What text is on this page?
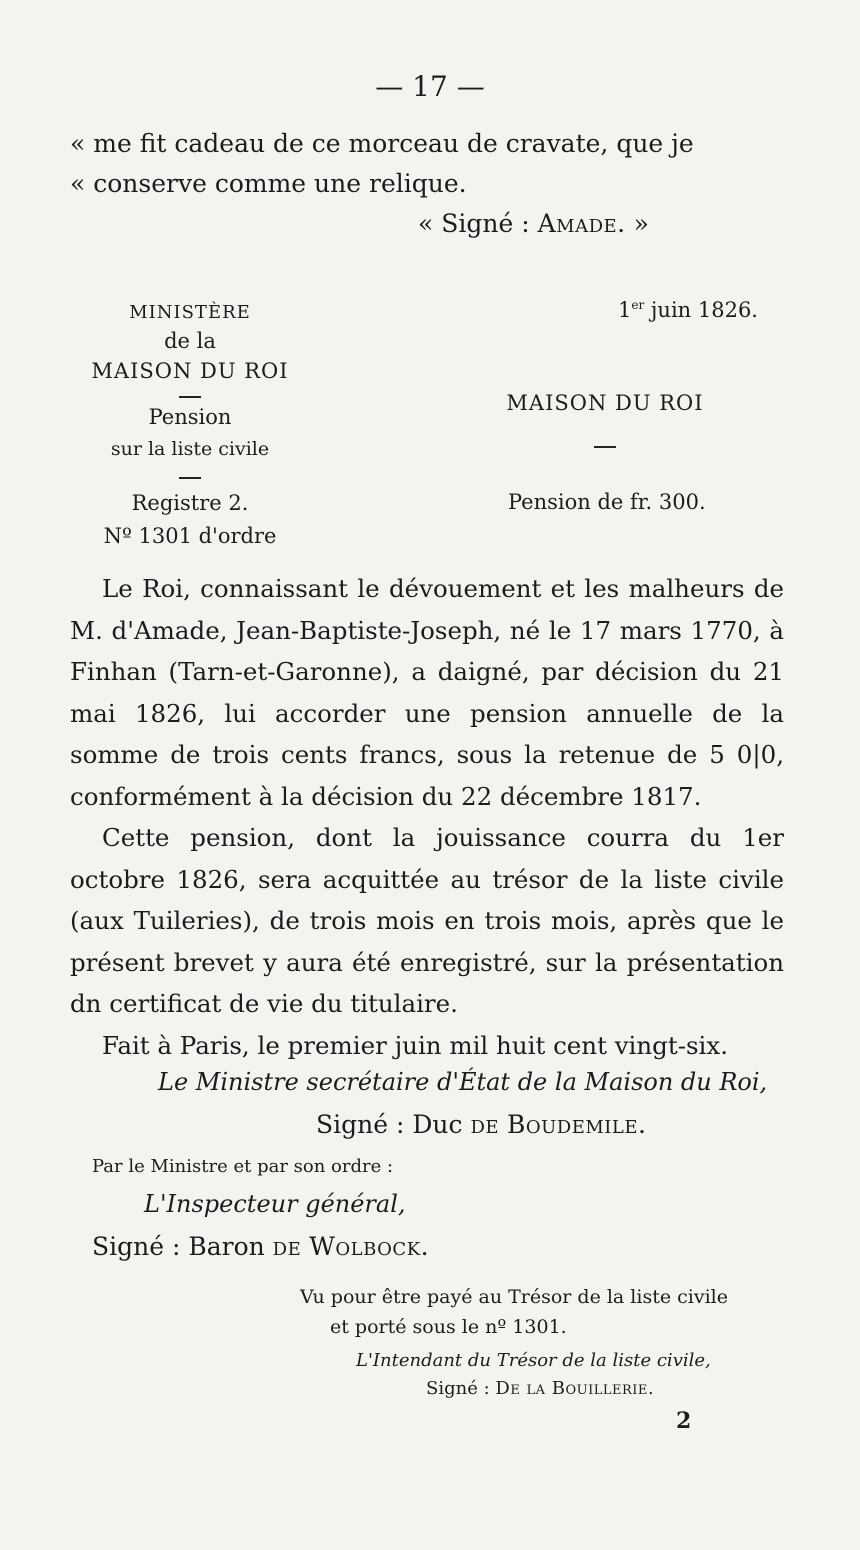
— 17 —
« me fit cadeau de ce morceau de cravate, que je
« conserve comme une relique.
« Signé : Amade. »
MINISTÈRE
de la
MAISON DU ROI
Pension
sur la liste civile
Registre 2.
Nº 1301 d'ordre
1er juin 1826.
MAISON DU ROI
Pension de fr. 300.

Le Roi, connaissant le dévouement et les malheurs de M. d'Amade, Jean-Baptiste-Joseph, né le 17 mars 1770, à Finhan (Tarn-et-Garonne), a daigné, par décision du 21 mai 1826, lui accorder une pension annuelle de la somme de trois cents francs, sous la retenue de 5 0|0, conformément à la décision du 22 décembre 1817.

Cette pension, dont la jouissance courra du 1er octobre 1826, sera acquittée au trésor de la liste civile (aux Tuileries), de trois mois en trois mois, après que le présent brevet y aura été enregistré, sur la présentation dn certificat de vie du titulaire.

Fait à Paris, le premier juin mil huit cent vingt-six.

Le Ministre secrétaire d'État de la Maison du Roi,
Signé : Duc de Boudemile.
Par le Ministre et par son ordre :
L'Inspecteur général,
Signé : Baron de Wolbock.
Vu pour être payé au Trésor de la liste civile
et porté sous le nº 1301.
L'Intendant du Trésor de la liste civile,
Signé : De la Bouillerie.
2
